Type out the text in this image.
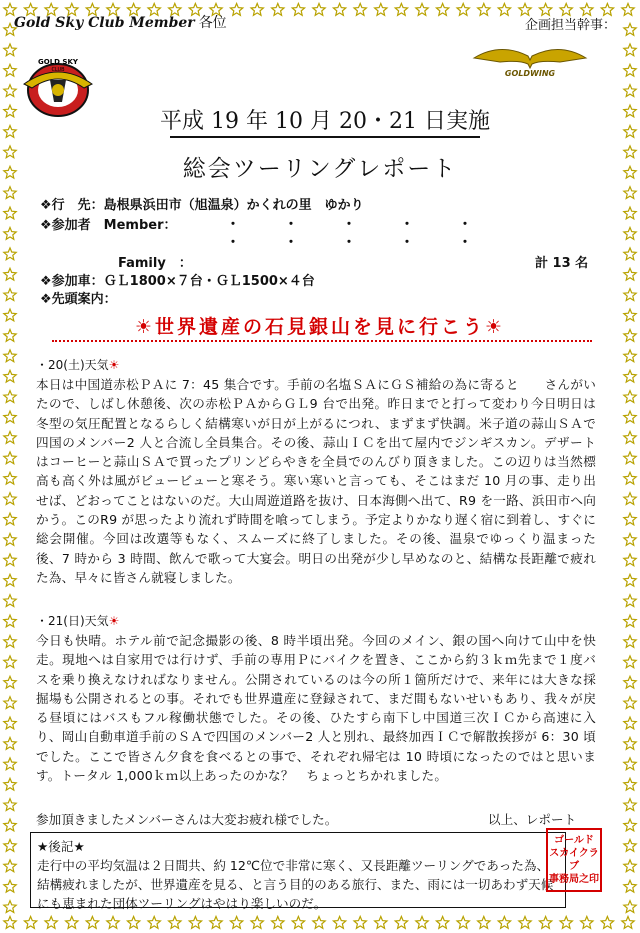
Gold Sky Club Member 各位	企画担当幹事：
GOLD SKY
CLUB	GOLDWING
平成 19 年 10 月 20・21 日実施
総会ツーリングレポート
❖行　先：島根県浜田市（旭温泉）かくれの里　ゆかり
❖参加者　Member：	・・・・・
・・・・・
Family　：	計 13 名
❖参加車：ＧＬ1800×７台・ＧＬ1500×４台
❖先頭案内：
☀世界遺産の石見銀山を見に行こう☀
・20(土)天気☀
本日は中国道赤松ＰＡに 7：45 集合です。手前の名塩ＳＡにＧＳ補給の為に寄ると　　さんがいたので、しばし休憩後、次の赤松ＰＡからＧＬ9 台で出発。昨日までと打って変わり今日明日は冬型の気圧配置となるらしく結構寒いが日が上がるにつれ、まずまず快調。米子道の蒜山ＳＡで四国のメンバー2 人と合流し全員集合。その後、蒜山ＩＣを出て屋内でジンギスカン。デザートはコーヒーと蒜山ＳＡで買ったプリンどらやきを全員でのんびり頂きました。この辺りは当然標高も高く外は風がビュービューと寒そう。寒い寒いと言っても、そこはまだ 10 月の事、走り出せば、どおってことはないのだ。大山周遊道路を抜け、日本海側へ出て、R9 を一路、浜田市へ向かう。このR9 が思ったより流れず時間を喰ってしまう。予定よりかなり遅く宿に到着し、すぐに総会開催。今回は改選等もなく、スムーズに終了しました。その後、温泉でゆっくり温まった後、7 時から 3 時間、飲んで歌って大宴会。明日の出発が少し早めなのと、結構な長距離で疲れた為、早々に皆さん就寝しました。
・21(日)天気☀
今日も快晴。ホテル前で記念撮影の後、8 時半頃出発。今回のメイン、銀の国へ向けて山中を快走。現地へは自家用では行けず、手前の専用Ｐにバイクを置き、ここから約３ｋｍ先まで１度バスを乗り換えなければなりません。公開されているのは今の所１箇所だけで、来年には大きな採掘場も公開されるとの事。それでも世界遺産に登録されて、まだ間もないせいもあり、我々が戻る昼頃にはバスもフル稼働状態でした。その後、ひたすら南下し中国道三次ＩＣから高速に入り、岡山自動車道手前のＳＡで四国のメンバー2 人と別れ、最終加西ＩＣで解散挨拶が 6：30 頃でした。ここで皆さん夕食を食べるとの事で、それぞれ帰宅は 10 時頃になったのではと思います。トータル 1,000ｋｍ以上あったのかな？　ちょっとちかれました。
参加頂きましたメンバーさんは大変お疲れ様でした。	以上、レポート
★後記★
走行中の平均気温は２日間共、約 12℃位で非常に寒く、又長距離ツーリングであった為、結構疲れましたが、世界遺産を見る、と言う目的のある旅行、また、雨には一切あわず天候にも恵まれた団体ツーリングはやはり楽しいのだ。
ゴールド
スカイクラブ
事務局之印
